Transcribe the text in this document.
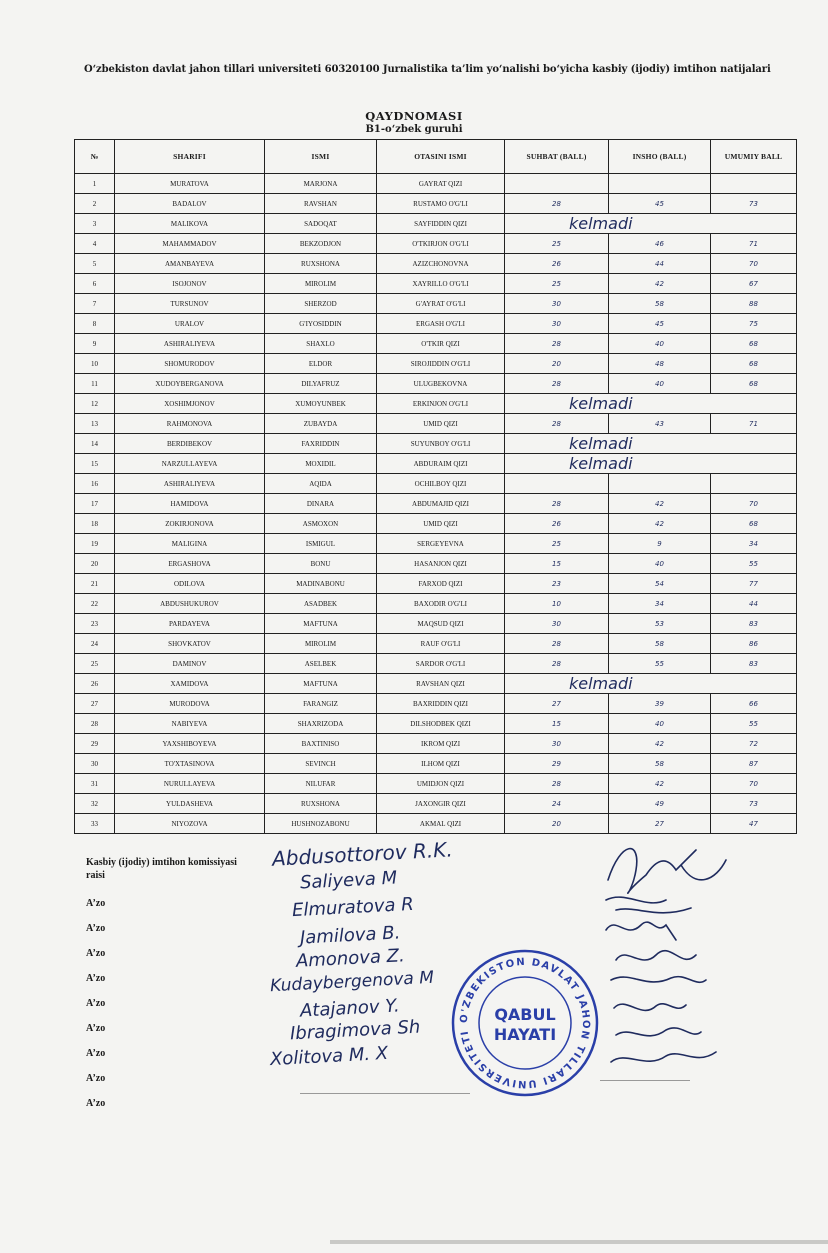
O‘zbekiston davlat jahon tillari universiteti 60320100 Jurnalistika ta’lim yo‘nalishi bo‘yicha kasbiy (ijodiy) imtihon natijalari
QAYDNOMASI
B1-o‘zbek guruhi
№	SHARIFI	ISMI	OTASINI ISMI	SUHBAT (BALL)	INSHO (BALL)	UMUMIY BALL
1	MURATOVA	MARJONA	GAYRAT QIZI			
2	BADALOV	RAVSHAN	RUSTAMO O'G'LI	28	45	73
3	MALIKOVA	SADOQAT	SAYFIDDIN QIZI	kelmadi		
4	MAHAMMADOV	BEKZODJON	O'TKIRJON O'G'LI	25	46	71
5	AMANBAYEVA	RUXSHONA	AZIZCHONOVNA	26	44	70
6	ISOJONOV	MIROLIM	XAYRILLO O'G'LI	25	42	67
7	TURSUNOV	SHERZOD	G'AYRAT O'G'LI	30	58	88
8	URALOV	G'IYOSIDDIN	ERGASH O'G'LI	30	45	75
9	ASHIRALIYEVA	SHAXLO	O'TKIR QIZI	28	40	68
10	SHOMURODOV	ELDOR	SIROJIDDIN O'G'LI	20	48	68
11	XUDOYBERGANOVA	DILYAFRUZ	ULUGBEKOVNA	28	40	68
12	XOSHIMJONOV	XUMOYUNBEK	ERKINJON O'G'LI	kelmadi		
13	RAHMONOVA	ZUBAYDA	UMID QIZI	28	43	71
14	BERDIBEKOV	FAXRIDDIN	SUYUNBOY O'G'LI	kelmadi		
15	NARZULLAYEVA	MOXIDIL	ABDURAIM QIZI	kelmadi		
16	ASHIRALIYEVA	AQIDA	OCHILBOY QIZI			
17	HAMIDOVA	DINARA	ABDUMAJID QIZI	28	42	70
18	ZOKIRJONOVA	ASMOXON	UMID QIZI	26	42	68
19	MALIGINA	ISMIGUL	SERGEYEVNA	25	9	34
20	ERGASHOVA	BONU	HASANJON QIZI	15	40	55
21	ODILOVA	MADINABONU	FARXOD QIZI	23	54	77
22	ABDUSHUKUROV	ASADBEK	BAXODIR O'G'LI	10	34	44
23	PARDAYEVA	MAFTUNA	MAQSUD QIZI	30	53	83
24	SHOVKATOV	MIROLIM	RAUF O'G'LI	28	58	86
25	DAMINOV	ASELBEK	SARDOR O'G'LI	28	55	83
26	XAMIDOVA	MAFTUNA	RAVSHAN QIZI	kelmadi		
27	MURODOVA	FARANGIZ	BAXRIDDIN QIZI	27	39	66
28	NABIYEVA	SHAXRIZODA	DILSHODBEK QIZI	15	40	55
29	YAXSHIBOYEVA	BAXTINISO	IKROM QIZI	30	42	72
30	TO'XTASINOVA	SEVINCH	ILHOM QIZI	29	58	87
31	NURULLAYEVA	NILUFAR	UMIDJON QIZI	28	42	70
32	YULDASHEVA	RUXSHONA	JAXONGIR QIZI	24	49	73
33	NIYOZOVA	HUSHNOZABONU	AKMAL QIZI	20	27	47
Kasbiy (ijodiy) imtihon komissiyasi raisi
A’zo
A’zo
A’zo
A’zo
A’zo
A’zo
A’zo
A’zo
A’zo
Abdusottorov R.K.
Saliyeva M
Elmuratova R
Jamilova B.
Amonova Z.
Kudaybergenova M
Atajanov Y.
Ibragimova Sh
Xolitova M. X
O'ZBEKISTON DAVLAT JAHON TILLARI UNIVERSITETI
QABUL
HAYATI
